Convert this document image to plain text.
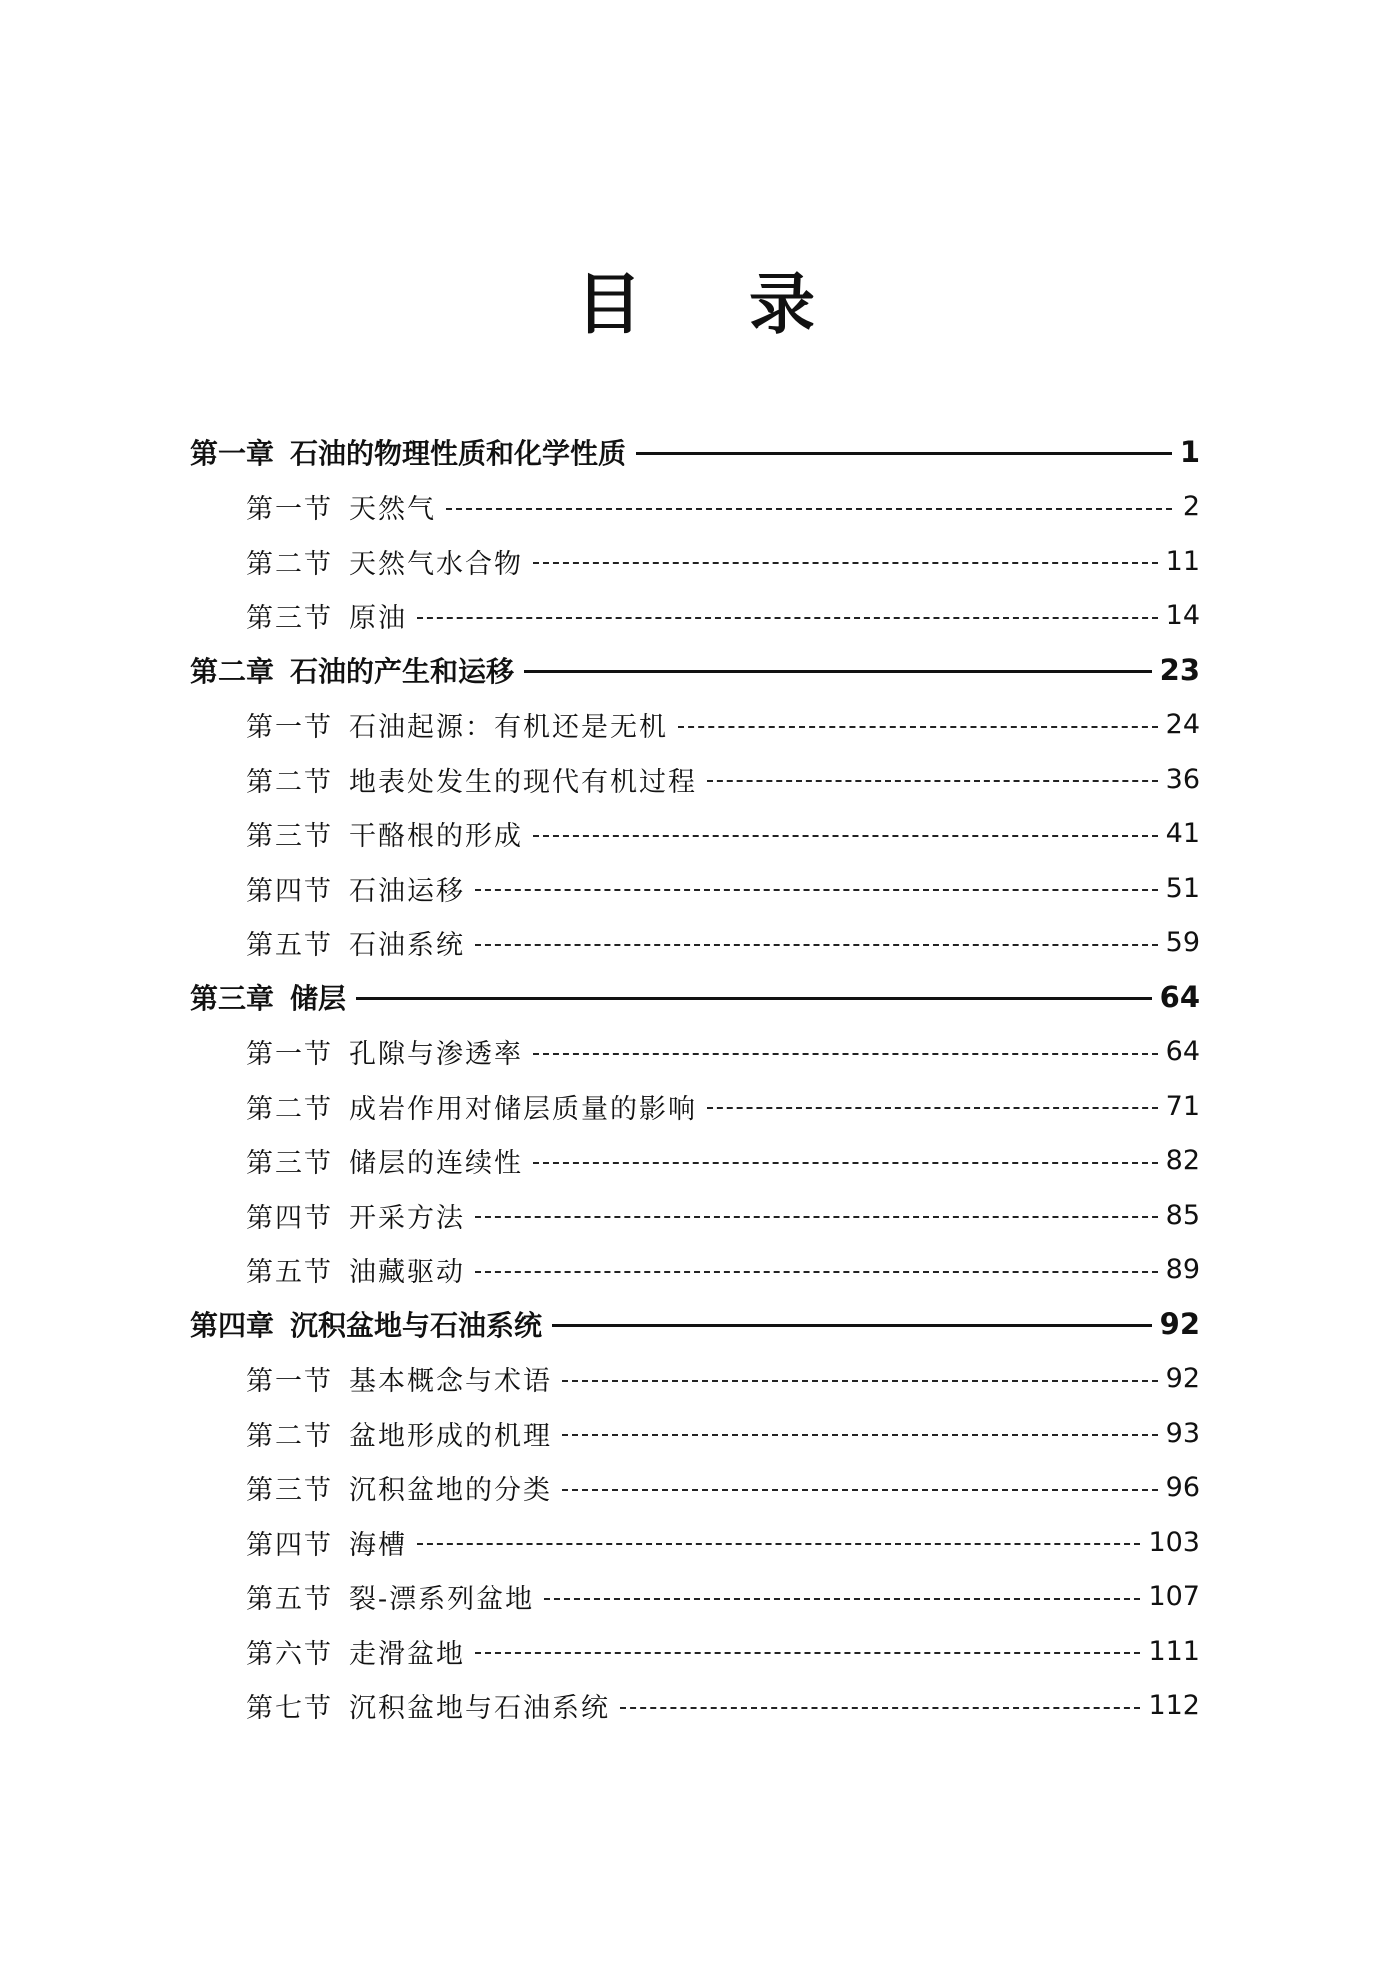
目 录
第一章 石油的物理性质和化学性质	1
第一节 天然气	2
第二节 天然气水合物	11
第三节 原油	14
第二章 石油的产生和运移	23
第一节 石油起源：有机还是无机	24
第二节 地表处发生的现代有机过程	36
第三节 干酪根的形成	41
第四节 石油运移	51
第五节 石油系统	59
第三章 储层	64
第一节 孔隙与渗透率	64
第二节 成岩作用对储层质量的影响	71
第三节 储层的连续性	82
第四节 开采方法	85
第五节 油藏驱动	89
第四章 沉积盆地与石油系统	92
第一节 基本概念与术语	92
第二节 盆地形成的机理	93
第三节 沉积盆地的分类	96
第四节 海槽	103
第五节 裂-漂系列盆地	107
第六节 走滑盆地	111
第七节 沉积盆地与石油系统	112
